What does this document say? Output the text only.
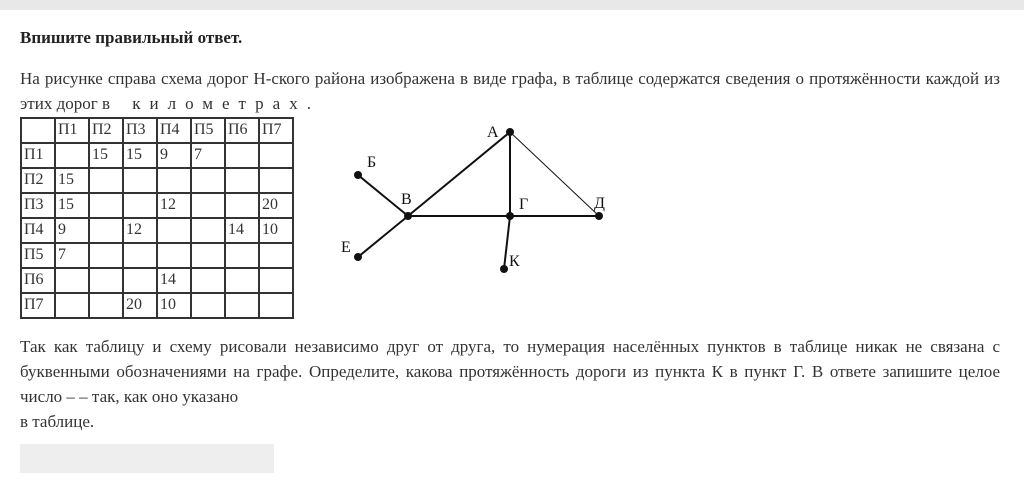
Впишите правильный ответ.
На рисунке справа схема дорог Н-ского района изображена в виде графа, в таблице содержатся сведения о протяжённости каждой из этих дорог в километрах.
	П1	П2	П3	П4	П5	П6	П7
П1		15	15	9	7		
П2	15						
П3	15			12			20
П4	9		12			14	10
П5	7						
П6				14			
П7			20	10			
А
Б
В	Г	Д
Е
К
Так как таблицу и схему рисовали независимо друг от друга, то нумерация населённых пунктов в таблице никак не связана с буквенными обозначениями на графе. Определите, какова протяжённость дороги из пункта К в пункт Г. В ответе запишите целое число – – так, как оно указано
в таблице.
